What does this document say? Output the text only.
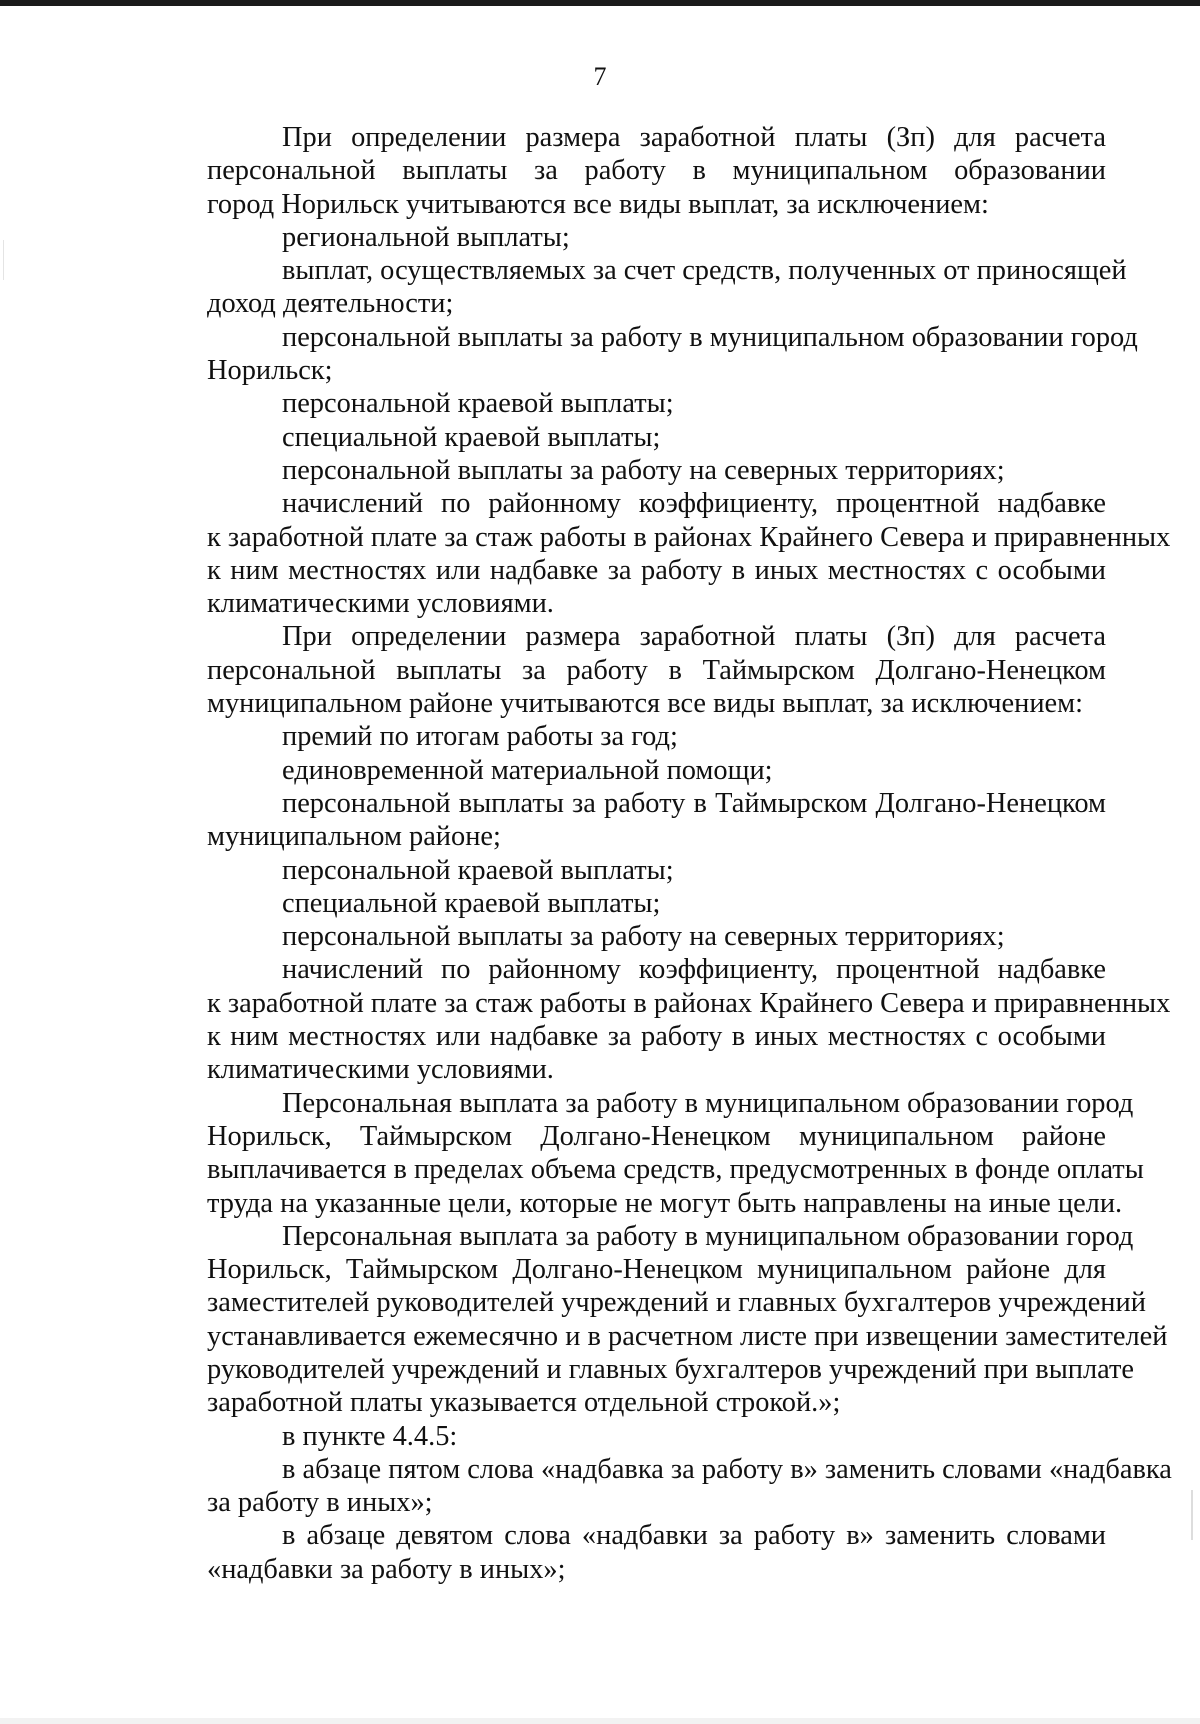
7

При определении размера заработной платы (Зп) для расчета
персональной выплаты за работу в муниципальном образовании
город Норильск учитываются все виды выплат, за исключением:

региональной выплаты;

выплат, осуществляемых за счет средств, полученных от приносящей
доход деятельности;

персональной выплаты за работу в муниципальном образовании город
Норильск;

персональной краевой выплаты;

специальной краевой выплаты;

персональной выплаты за работу на северных территориях;

начислений по районному коэффициенту, процентной надбавке
к заработной плате за стаж работы в районах Крайнего Севера и приравненных
к ним местностях или надбавке за работу в иных местностях с особыми
климатическими условиями.

При определении размера заработной платы (Зп) для расчета
персональной выплаты за работу в Таймырском Долгано-Ненецком
муниципальном районе учитываются все виды выплат, за исключением:

премий по итогам работы за год;

единовременной материальной помощи;

персональной выплаты за работу в Таймырском Долгано-Ненецком
муниципальном районе;

персональной краевой выплаты;

специальной краевой выплаты;

персональной выплаты за работу на северных территориях;

начислений по районному коэффициенту, процентной надбавке
к заработной плате за стаж работы в районах Крайнего Севера и приравненных
к ним местностях или надбавке за работу в иных местностях с особыми
климатическими условиями.

Персональная выплата за работу в муниципальном образовании город
Норильск, Таймырском Долгано-Ненецком муниципальном районе
выплачивается в пределах объема средств, предусмотренных в фонде оплаты
труда на указанные цели, которые не могут быть направлены на иные цели.

Персональная выплата за работу в муниципальном образовании город
Норильск, Таймырском Долгано-Ненецком муниципальном районе для
заместителей руководителей учреждений и главных бухгалтеров учреждений
устанавливается ежемесячно и в расчетном листе при извещении заместителей
руководителей учреждений и главных бухгалтеров учреждений при выплате
заработной платы указывается отдельной строкой.»;

в пункте 4.4.5:

в абзаце пятом слова «надбавка за работу в» заменить словами «надбавка
за работу в иных»;

в абзаце девятом слова «надбавки за работу в» заменить словами
«надбавки за работу в иных»;
